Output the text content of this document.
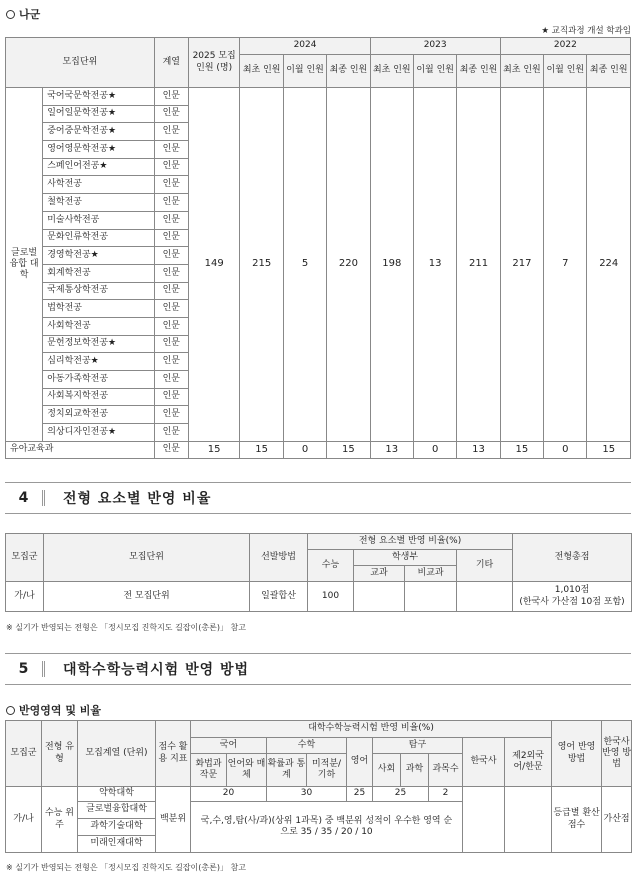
나군
★ 교직과정 개설 학과임
모집단위		계열	2025 모집인원 (명)	2024			2023			2022		
				최초 인원	이월 인원	최종 인원	최초 인원	이월 인원	최종 인원	최초 인원	이월 인원	최종 인원
글로벌 융합 대학	국어국문학전공★	인문	149	215	5	220	198	13	211	217	7	224
	일어일문학전공★	인문										
	중어중문학전공★	인문										
	영어영문학전공★	인문										
	스페인어전공★	인문										
	사학전공	인문										
	철학전공	인문										
	미술사학전공	인문										
	문화인류학전공	인문										
	경영학전공★	인문										
	회계학전공	인문										
	국제통상학전공	인문										
	법학전공	인문										
	사회학전공	인문										
	문헌정보학전공★	인문										
	심리학전공★	인문										
	아동가족학전공	인문										
	사회복지학전공	인문										
	정치외교학전공	인문										
	의상디자인전공★	인문										
유아교육과		인문	15	15	0	15	13	0	13	15	0	15
4	전형 요소별 반영 비율
모집군	모집단위	선발방법	전형 요소별 반영 비율(%)				전형총점
			수능	학생부		기타	
				교과	비교과		
가/나	전 모집단위	일괄합산	100				1,010점
(한국사 가산점 10점 포함)
※ 실기가 반영되는 전형은 「정시모집 진학지도 길잡이(총론)」 참고
5	대학수학능력시험 반영 방법
반영영역 및 비율
모집군	전형 유형	모집계열 (단위)	점수 활용 지표	대학수학능력시험 반영 비율(%)										영어 반영 방법	한국사 반영 방법
				국어		수학		영어	탐구			한국사	제2외국 어/한문		
				화법과 작문	언어와 매체	확률과 통계	미적분/ 기하		사회	과학	과목수				
가/나	수능 위주	약학대학	백분위	20		30		25	25		2			등급별 환산 점수	가산점
		글로벌융합대학		국,수,영,탐(사/과)(상위 1과목) 중 백분위 성적이 우수한 영역 순으로 35 / 35 / 20 / 10											
		과학기술대학													
		미래인재대학													
※ 실기가 반영되는 전형은 「정시모집 진학지도 길잡이(총론)」 참고
